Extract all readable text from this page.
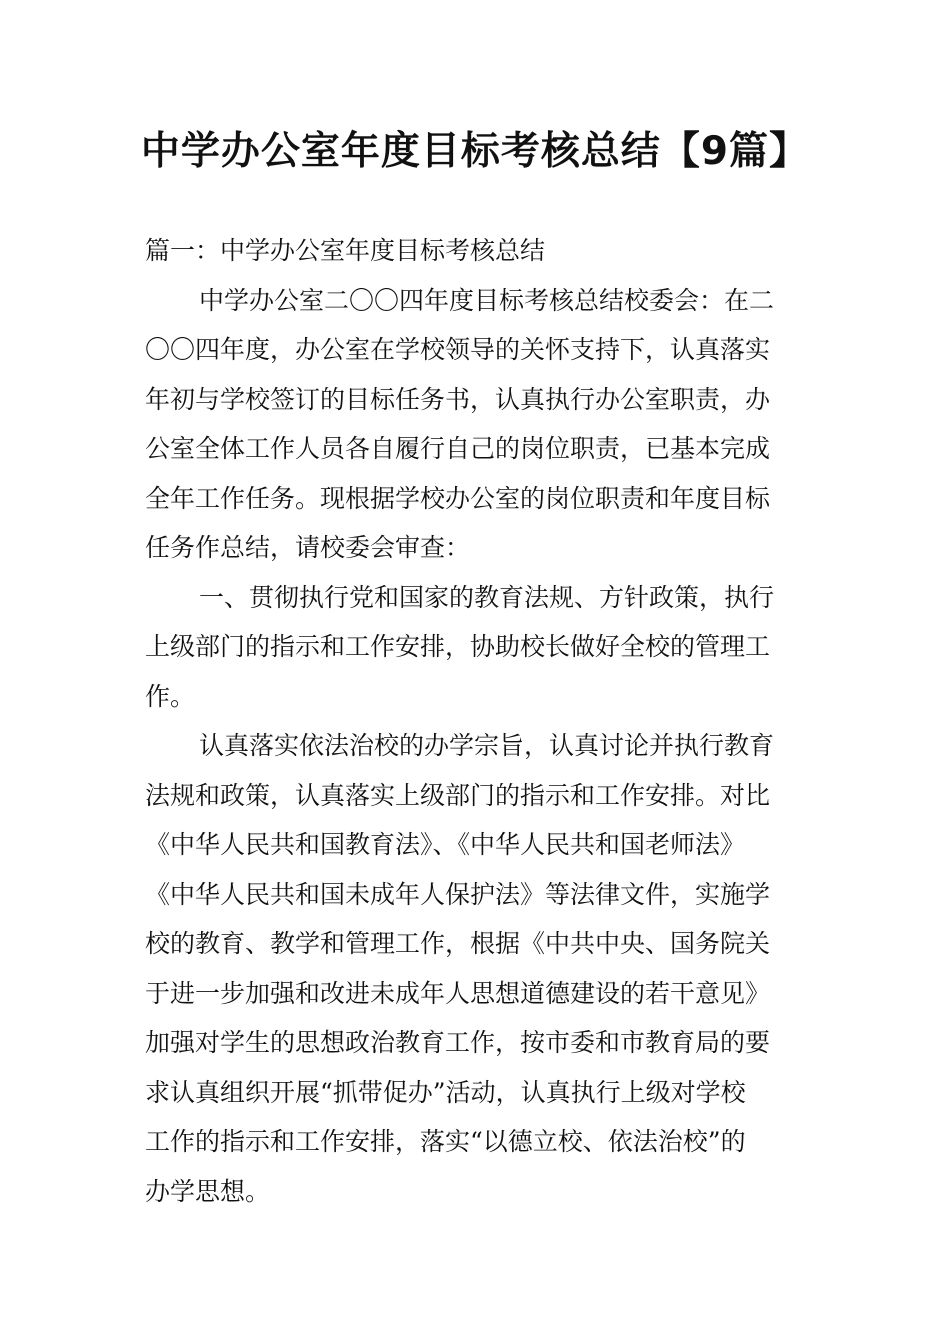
中学办公室年度目标考核总结【9篇】
篇一：中学办公室年度目标考核总结
中学办公室二〇〇四年度目标考核总结校委会：在二
〇〇四年度，办公室在学校领导的关怀支持下，认真落实
年初与学校签订的目标任务书，认真执行办公室职责，办
公室全体工作人员各自履行自己的岗位职责，已基本完成
全年工作任务。现根据学校办公室的岗位职责和年度目标
任务作总结，请校委会审查：
一、贯彻执行党和国家的教育法规、方针政策，执行
上级部门的指示和工作安排，协助校长做好全校的管理工
作。
认真落实依法治校的办学宗旨，认真讨论并执行教育
法规和政策，认真落实上级部门的指示和工作安排。对比
《中华人民共和国教育法》、《中华人民共和国老师法》
《中华人民共和国未成年人保护法》等法律文件，实施学
校的教育、教学和管理工作，根据《中共中央、国务院关
于进一步加强和改进未成年人思想道德建设的若干意见》
加强对学生的思想政治教育工作，按市委和市教育局的要
求认真组织开展“抓带促办”活动，认真执行上级对学校
工作的指示和工作安排，落实“以德立校、依法治校”的
办学思想。
